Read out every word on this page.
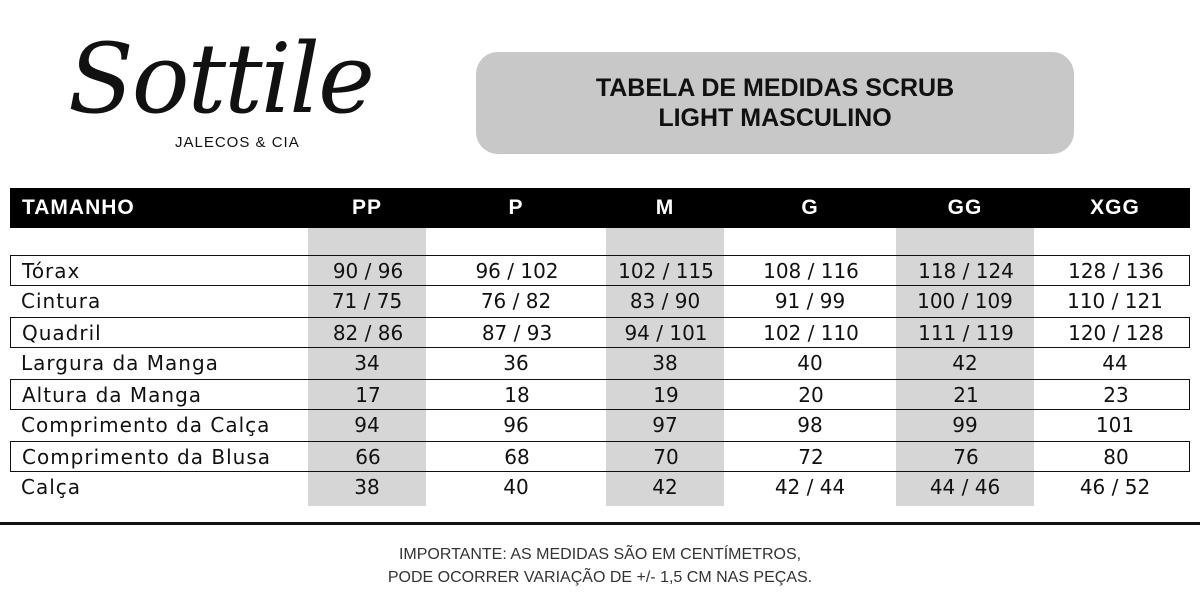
Sottile
JALECOS & CIA
TABELA DE MEDIDAS SCRUB
LIGHT MASCULINO
TAMANHO	PP	P	M	G	GG	XGG
Tórax	90 / 96	96 / 102	102 / 115	108 / 116	118 / 124	128 / 136
Cintura	71 / 75	76 / 82	83 / 90	91 / 99	100 / 109	110 / 121
Quadril	82 / 86	87 / 93	94 / 101	102 / 110	111 / 119	120 / 128
Largura da Manga	34	36	38	40	42	44
Altura da Manga	17	18	19	20	21	23
Comprimento da Calça	94	96	97	98	99	101
Comprimento da Blusa	66	68	70	72	76	80
Calça	38	40	42	42 / 44	44 / 46	46 / 52
IMPORTANTE: AS MEDIDAS SÃO EM CENTÍMETROS,
PODE OCORRER VARIAÇÃO DE +/- 1,5 CM NAS PEÇAS.
